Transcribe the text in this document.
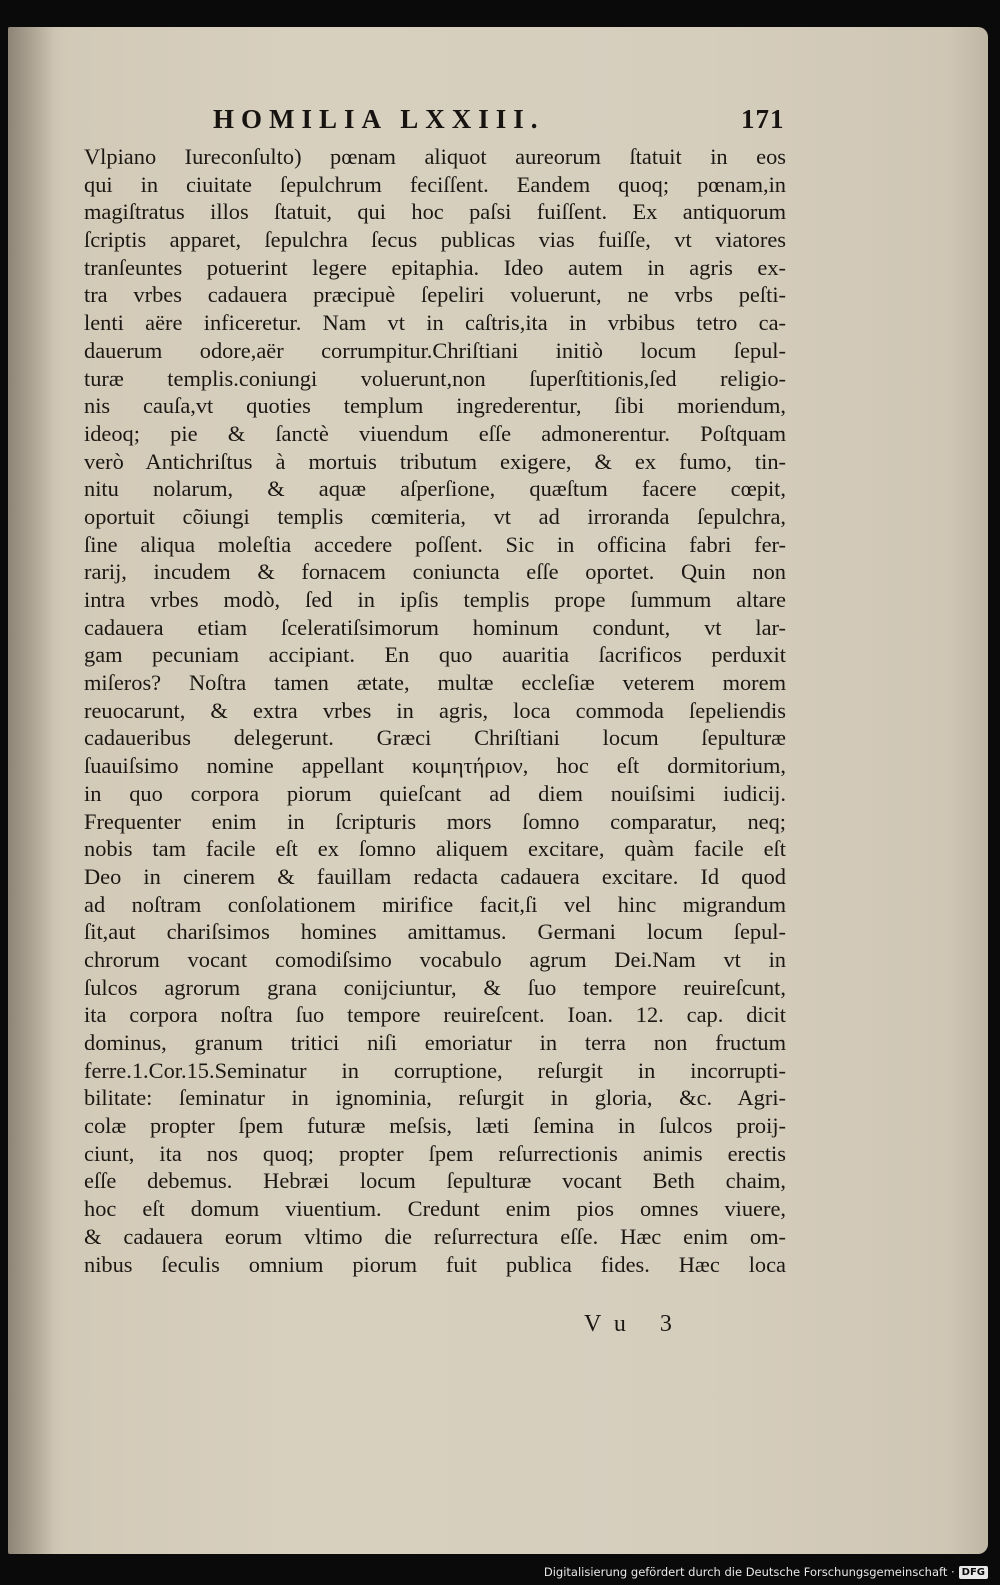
HOMILIA LXXIII.	171
Vlpiano Iureconſulto) pœnam aliquot aureorum ſtatuit in eos
qui in ciuitate ſepulchrum feciſſent. Eandem quoq; pœnam,in
magiſtratus illos ſtatuit, qui hoc paſsi fuiſſent. Ex antiquorum
ſcriptis apparet, ſepulchra ſecus publicas vias fuiſſe, vt viatores
tranſeuntes potuerint legere epitaphia. Ideo autem in agris ex-
tra vrbes cadauera præcipuè ſepeliri voluerunt, ne vrbs peſti-
lenti aëre inficeretur. Nam vt in caſtris,ita in vrbibus tetro ca-
dauerum odore,aër corrumpitur.Chriſtiani initiò locum ſepul-
turæ templis.coniungi voluerunt,non ſuperſtitionis,ſed religio-
nis cauſa,vt quoties templum ingrederentur, ſibi moriendum,
ideoq; pie & ſanctè viuendum eſſe admonerentur. Poſtquam
verò Antichriſtus à mortuis tributum exigere, & ex fumo, tin-
nitu nolarum, & aquæ aſperſione, quæſtum facere cœpit,
oportuit cõiungi templis cœmiteria, vt ad irroranda ſepulchra,
ſine aliqua moleſtia accedere poſſent. Sic in officina fabri fer-
rarij, incudem & fornacem coniuncta eſſe oportet. Quin non
intra vrbes modò, ſed in ipſis templis prope ſummum altare
cadauera etiam ſceleratiſsimorum hominum condunt, vt lar-
gam pecuniam accipiant. En quo auaritia ſacrificos perduxit
miſeros? Noſtra tamen ætate, multæ eccleſiæ veterem morem
reuocarunt, & extra vrbes in agris, loca commoda ſepeliendis
cadaueribus delegerunt. Græci Chriſtiani locum ſepulturæ
ſuauiſsimo nomine appellant κοιμητήριον, hoc eſt dormitorium,
in quo corpora piorum quieſcant ad diem nouiſsimi iudicij.
Frequenter enim in ſcripturis mors ſomno comparatur, neq;
nobis tam facile eſt ex ſomno aliquem excitare, quàm facile eſt
Deo in cinerem & fauillam redacta cadauera excitare. Id quod
ad noſtram conſolationem mirifice facit,ſi vel hinc migrandum
ſit,aut chariſsimos homines amittamus. Germani locum ſepul-
chrorum vocant comodiſsimo vocabulo agrum Dei.Nam vt in
ſulcos agrorum grana conijciuntur, & ſuo tempore reuireſcunt,
ita corpora noſtra ſuo tempore reuireſcent. Ioan. 12. cap. dicit
dominus, granum tritici niſi emoriatur in terra non fructum
ferre.1.Cor.15.Seminatur in corruptione, reſurgit in incorrupti-
bilitate: ſeminatur in ignominia, reſurgit in gloria, &c. Agri-
colæ propter ſpem futuræ meſsis, læti ſemina in ſulcos proij-
ciunt, ita nos quoq; propter ſpem reſurrectionis animis erectis
eſſe debemus. Hebræi locum ſepulturæ vocant Beth chaim,
hoc eſt domum viuentium. Credunt enim pios omnes viuere,
& cadauera eorum vltimo die reſurrectura eſſe. Hæc enim om-
nibus ſeculis omnium piorum fuit publica fides. Hæc loca
Vu 3
Digitalisierung gefördert durch die Deutsche Forschungsgemeinschaft · DFG
